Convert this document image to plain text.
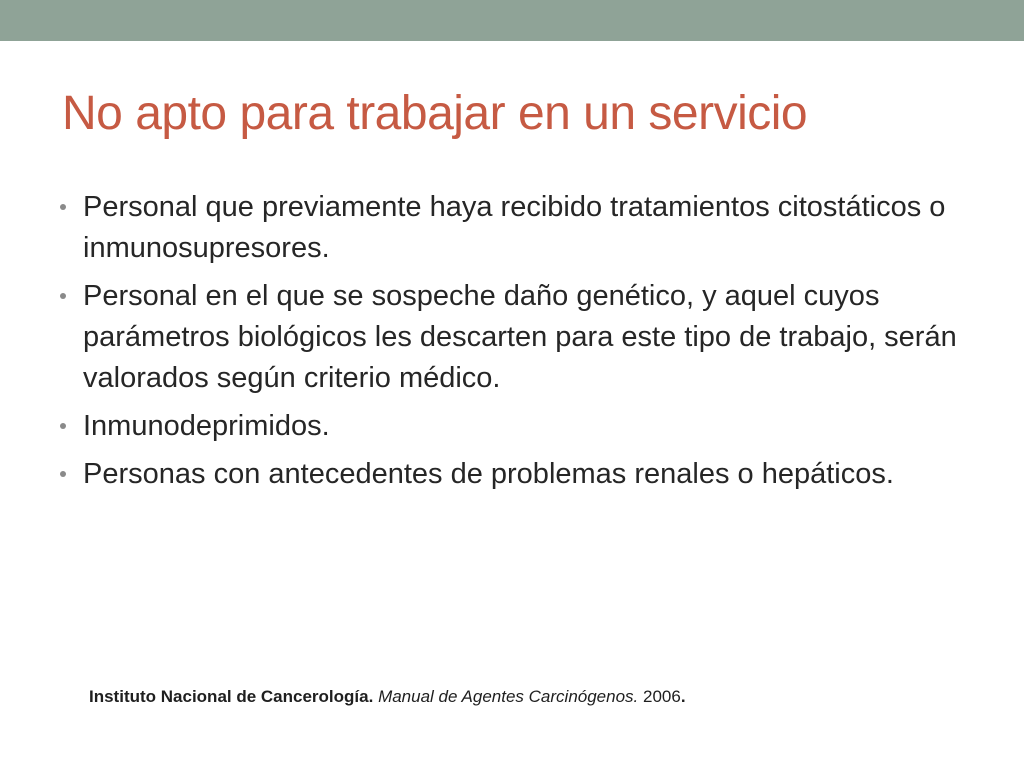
No apto para trabajar en un servicio
Personal que previamente haya recibido tratamientos citostáticos o inmunosupresores.
Personal en el que se sospeche daño genético, y aquel cuyos parámetros biológicos les descarten para este tipo de trabajo, serán valorados según criterio médico.
Inmunodeprimidos.
Personas con antecedentes de problemas renales o hepáticos.
Instituto Nacional de Cancerología. Manual de Agentes Carcinógenos. 2006.
